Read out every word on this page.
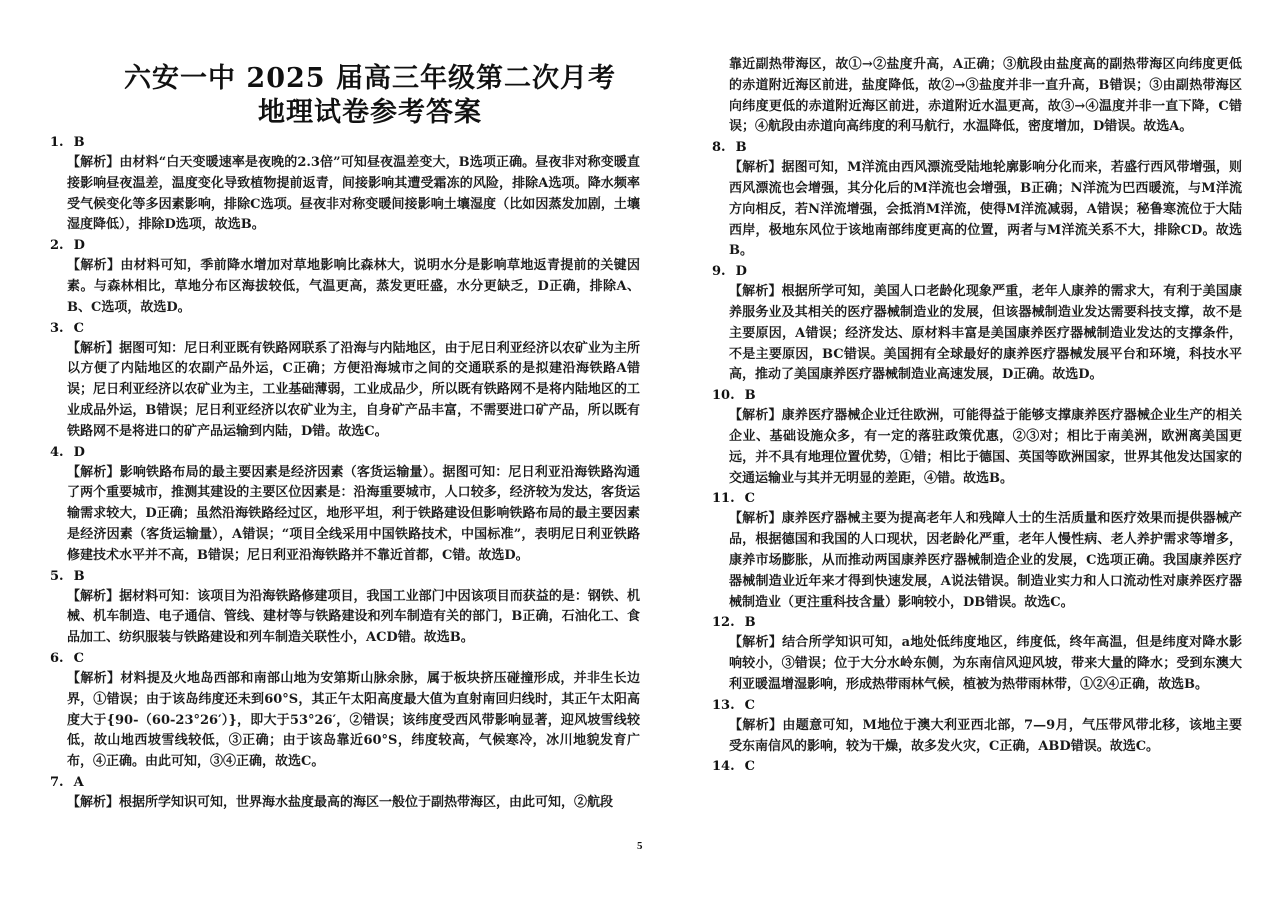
六安一中 2025 届高三年级第二次月考
地理试卷参考答案
1. B
【解析】由材料“白天变暖速率是夜晚的2.3倍”可知昼夜温差变大，B选项正确。昼夜非对称变暖直接影响昼夜温差，温度变化导致植物提前返青，间接影响其遭受霜冻的风险，排除A选项。降水频率受气候变化等多因素影响，排除C选项。昼夜非对称变暖间接影响土壤湿度（比如因蒸发加剧，土壤湿度降低），排除D选项，故选B。
2. D
【解析】由材料可知，季前降水增加对草地影响比森林大，说明水分是影响草地返青提前的关键因素。与森林相比，草地分布区海拔较低，气温更高，蒸发更旺盛，水分更缺乏，D正确，排除A、B、C选项，故选D。
3. C
【解析】据图可知：尼日利亚既有铁路网联系了沿海与内陆地区，由于尼日利亚经济以农矿业为主所以方便了内陆地区的农副产品外运，C正确；方便沿海城市之间的交通联系的是拟建沿海铁路A错误；尼日利亚经济以农矿业为主，工业基础薄弱，工业成品少，所以既有铁路网不是将内陆地区的工业成品外运，B错误；尼日利亚经济以农矿业为主，自身矿产品丰富，不需要进口矿产品，所以既有铁路网不是将进口的矿产品运输到内陆，D错。故选C。
4. D
【解析】影响铁路布局的最主要因素是经济因素（客货运输量）。据图可知：尼日利亚沿海铁路沟通了两个重要城市，推测其建设的主要区位因素是：沿海重要城市，人口较多，经济较为发达，客货运输需求较大，D正确；虽然沿海铁路经过区，地形平坦，利于铁路建设但影响铁路布局的最主要因素是经济因素（客货运输量），A错误；“项目全线采用中国铁路技术，中国标准”，表明尼日利亚铁路修建技术水平并不高，B错误；尼日利亚沿海铁路并不靠近首都，C错。故选D。
5. B
【解析】据材料可知：该项目为沿海铁路修建项目，我国工业部门中因该项目而获益的是：钢铁、机械、机车制造、电子通信、管线、建材等与铁路建设和列车制造有关的部门，B正确，石油化工、食品加工、纺织服装与铁路建设和列车制造关联性小，ACD错。故选B。
6. C
【解析】材料提及火地岛西部和南部山地为安第斯山脉余脉，属于板块挤压碰撞形成，并非生长边界，①错误；由于该岛纬度还未到60°S，其正午太阳高度最大值为直射南回归线时，其正午太阳高度大于{90-（60-23°26′）}，即大于53°26′，②错误；该纬度受西风带影响显著，迎风坡雪线较低，故山地西坡雪线较低，③正确；由于该岛靠近60°S，纬度较高，气候寒冷，冰川地貌发育广布，④正确。由此可知，③④正确，故选C。
7. A
【解析】根据所学知识可知，世界海水盐度最高的海区一般位于副热带海区，由此可知，②航段
靠近副热带海区，故①→②盐度升高，A正确；③航段由盐度高的副热带海区向纬度更低的赤道附近海区前进，盐度降低，故②→③盐度并非一直升高，B错误；③由副热带海区向纬度更低的赤道附近海区前进，赤道附近水温更高，故③→④温度并非一直下降，C错误；④航段由赤道向高纬度的利马航行，水温降低，密度增加，D错误。故选A。
8. B
【解析】据图可知，M洋流由西风漂流受陆地轮廓影响分化而来，若盛行西风带增强，则西风漂流也会增强，其分化后的M洋流也会增强，B正确；N洋流为巴西暖流，与M洋流方向相反，若N洋流增强，会抵消M洋流，使得M洋流减弱，A错误；秘鲁寒流位于大陆西岸，极地东风位于该地南部纬度更高的位置，两者与M洋流关系不大，排除CD。故选B。
9. D
【解析】根据所学可知，美国人口老龄化现象严重，老年人康养的需求大，有利于美国康养服务业及其相关的医疗器械制造业的发展，但该器械制造业发达需要科技支撑，故不是主要原因，A错误；经济发达、原材料丰富是美国康养医疗器械制造业发达的支撑条件，不是主要原因，BC错误。美国拥有全球最好的康养医疗器械发展平台和环境，科技水平高，推动了美国康养医疗器械制造业高速发展，D正确。故选D。
10. B
【解析】康养医疗器械企业迁往欧洲，可能得益于能够支撑康养医疗器械企业生产的相关企业、基础设施众多，有一定的落驻政策优惠，②③对；相比于南美洲，欧洲离美国更远，并不具有地理位置优势，①错；相比于德国、英国等欧洲国家，世界其他发达国家的交通运输业与其并无明显的差距，④错。故选B。
11. C
【解析】康养医疗器械主要为提高老年人和残障人士的生活质量和医疗效果而提供器械产品，根据德国和我国的人口现状，因老龄化严重，老年人慢性病、老人养护需求等增多，康养市场膨胀，从而推动两国康养医疗器械制造企业的发展，C选项正确。我国康养医疗器械制造业近年来才得到快速发展，A说法错误。制造业实力和人口流动性对康养医疗器械制造业（更注重科技含量）影响较小，DB错误。故选C。
12. B
【解析】结合所学知识可知，a地处低纬度地区，纬度低，终年高温，但是纬度对降水影响较小，③错误；位于大分水岭东侧，为东南信风迎风坡，带来大量的降水；受到东澳大利亚暖温增湿影响，形成热带雨林气候，植被为热带雨林带，①②④正确，故选B。
13. C
【解析】由题意可知，M地位于澳大利亚西北部，7—9月，气压带风带北移，该地主要受东南信风的影响，较为干燥，故多发火灾，C正确，ABD错误。故选C。
14. C
5
